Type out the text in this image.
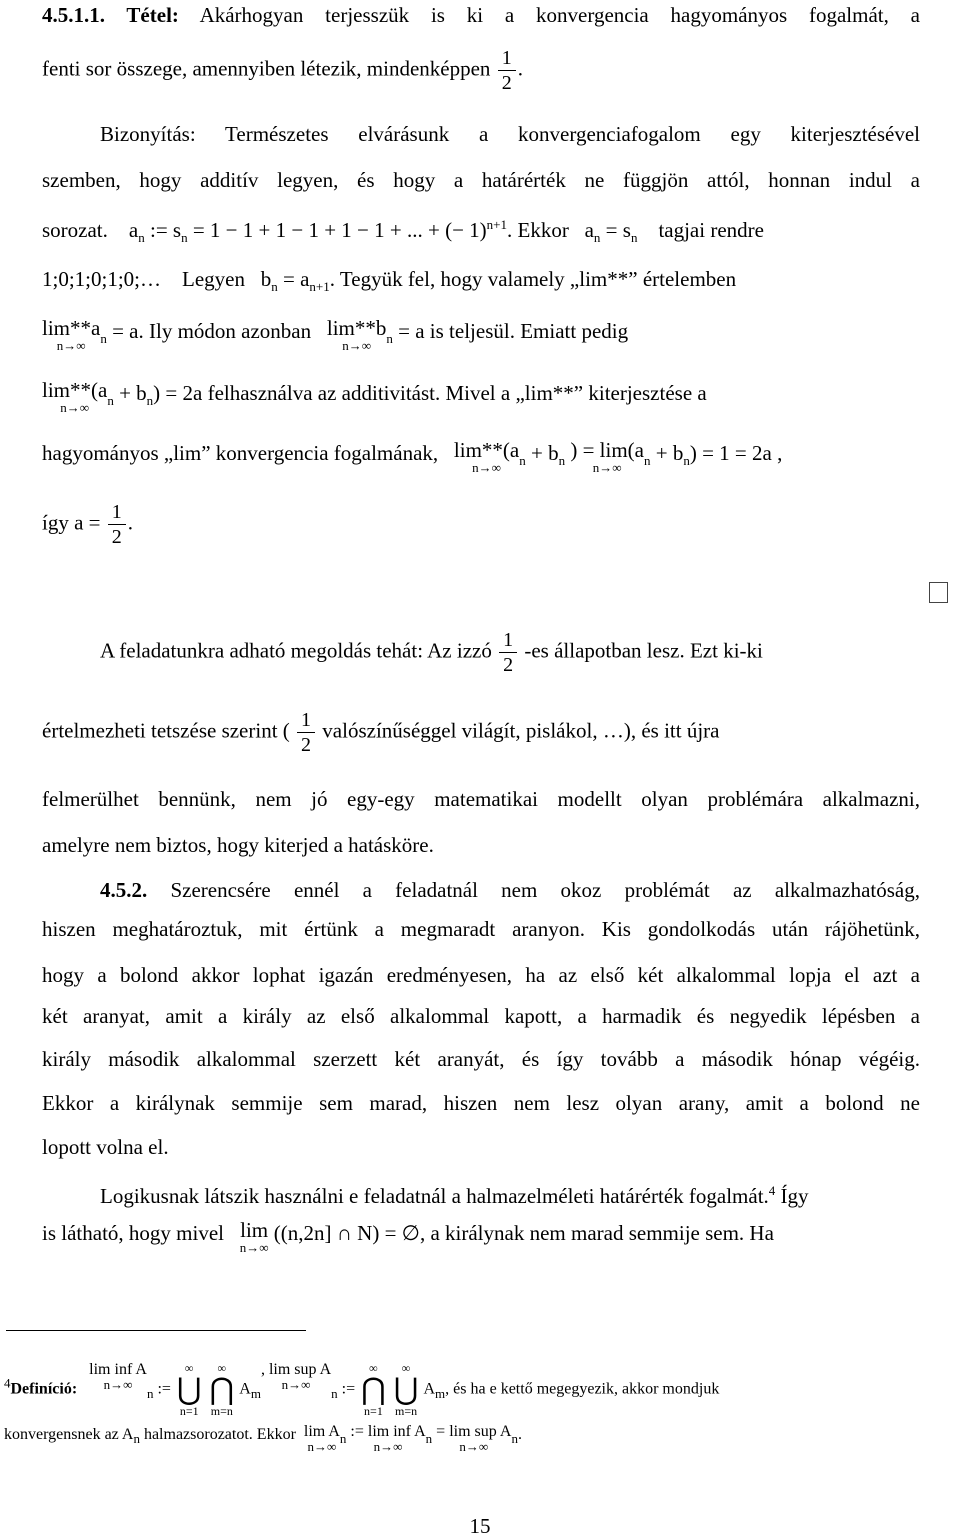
4.5.1.1. Tétel: Akárhogyan terjesszük is ki a konvergencia hagyományos fogalmát, a
fenti sor összege, amennyiben létezik, mindenképpen $\frac{1}{2}$ .
Bizonyítás: Természetes elvárásunk a konvergenciafogalom egy kiterjesztésével
szemben, hogy additív legyen, és hogy a határérték ne függjön attól, honnan indul a
sorozat. $a_n$ := $s_n = 1 - 1 + 1 - 1 + 1 - 1$ + ... + (− 1)$^{n+1}$. Ekkor $a_n = s_n$ tagjai rendre
1;0;1;0;1;0;… Legyen $b_n = a_{n+1}$. Tegyük fel, hogy valamely „lim**” értelemben
lim**a
n→∞	$_n$ = a. Ily módon azonban lim**b
n→∞	$_n$ = a is teljesül. Emiatt pedig
lim**(a
n→∞	$_n + b_n) = 2a$ felhasználva az additivitást. Mivel a „lim**” kiterjesztése a
hagyományos „lim” konvergencia fogalmának, lim**(a
n→∞	$_n + b_n$ ) = lim(a
n→∞	$_n + b_n) = 1 = 2a$ ,
így $a = \frac{1}{2}$ .
A feladatunkra adható megoldás tehát: Az izzó $\frac{1}{2} -es$ állapotban lesz. Ezt ki-ki
értelmezheti tetszése szerint ( $\frac{1}{2}$ valószínűséggel világít, pislákol, …), és itt újra
felmerülhet bennünk, nem jó egy-egy matematikai modellt olyan problémára alkalmazni,
amelyre nem biztos, hogy kiterjed a hatásköre.
4.5.2. Szerencsére ennél a feladatnál nem okoz problémát az alkalmazhatóság,
hiszen meghatároztuk, mit értünk a megmaradt aranyon. Kis gondolkodás után rájöhetünk,
hogy a bolond akkor lophat igazán eredményesen, ha az első két alkalommal lopja el azt a
két aranyat, amit a király az első alkalommal kapott, a harmadik és negyedik lépésben a
király második alkalommal szerzett két aranyát, és így tovább a második hónap végéig.
Ekkor a királynak semmije sem marad, hiszen nem lesz olyan arany, amit a bolond ne
lopott volna el.
Logikusnak látszik használni e feladatnál a halmazelméleti határérték fogalmát.$^4$ Így
is látható, hogy mivel lim
n→∞
((n,2n] ∩ N) = ∅, a királynak nem marad semmije sem. Ha
$^4$Definíció:   lim inf A
n→∞
$_n$ :=
∞
⋃
n=1

∞
⋂
m=n
$A_m$, lim sup A
n→∞
$_n$ :=
∞
⋂
n=1

∞
⋃
m=n
$A_m$, és ha e kettő megegyezik, akkor mondjuk
konvergensnek az $A_n$ halmazsorozatot. Ekkor lim A
n→∞
$_n$ := lim inf A
n→∞
$_n$ = lim sup A
n→∞
$_n$.
15
